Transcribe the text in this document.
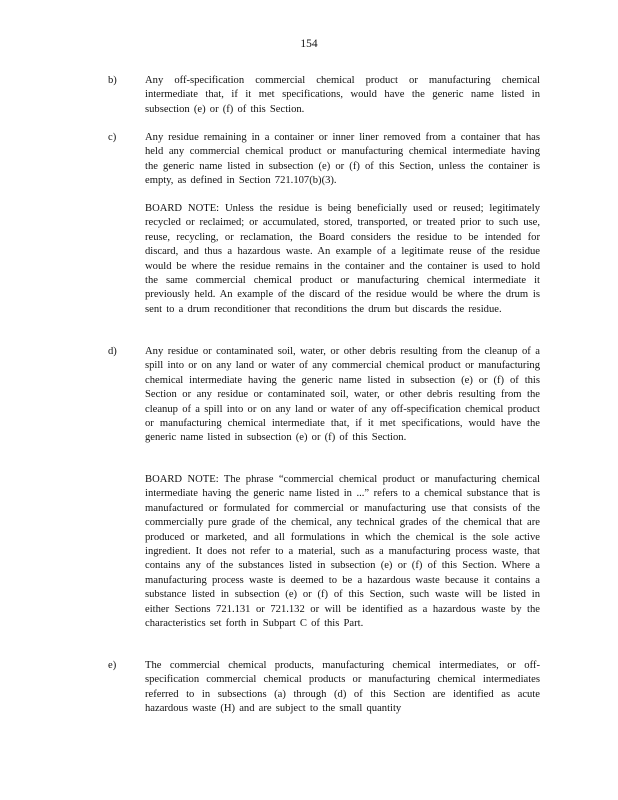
154
b)	Any off-specification commercial chemical product or manufacturing chemical intermediate that, if it met specifications, would have the generic name listed in subsection (e) or (f) of this Section.
c)	Any residue remaining in a container or inner liner removed from a container that has held any commercial chemical product or manufacturing chemical intermediate having the generic name listed in subsection (e) or (f) of this Section, unless the container is empty, as defined in Section 721.107(b)(3).
BOARD NOTE: Unless the residue is being beneficially used or reused; legitimately recycled or reclaimed; or accumulated, stored, transported, or treated prior to such use, reuse, recycling, or reclamation, the Board considers the residue to be intended for discard, and thus a hazardous waste. An example of a legitimate reuse of the residue would be where the residue remains in the container and the container is used to hold the same commercial chemical product or manufacturing chemical intermediate it previously held. An example of the discard of the residue would be where the drum is sent to a drum reconditioner that reconditions the drum but discards the residue.
d)	Any residue or contaminated soil, water, or other debris resulting from the cleanup of a spill into or on any land or water of any commercial chemical product or manufacturing chemical intermediate having the generic name listed in subsection (e) or (f) of this Section or any residue or contaminated soil, water, or other debris resulting from the cleanup of a spill into or on any land or water of any off-specification chemical product or manufacturing chemical intermediate that, if it met specifications, would have the generic name listed in subsection (e) or (f) of this Section.
BOARD NOTE: The phrase “commercial chemical product or manufacturing chemical intermediate having the generic name listed in ...” refers to a chemical substance that is manufactured or formulated for commercial or manufacturing use that consists of the commercially pure grade of the chemical, any technical grades of the chemical that are produced or marketed, and all formulations in which the chemical is the sole active ingredient. It does not refer to a material, such as a manufacturing process waste, that contains any of the substances listed in subsection (e) or (f) of this Section. Where a manufacturing process waste is deemed to be a hazardous waste because it contains a substance listed in subsection (e) or (f) of this Section, such waste will be listed in either Sections 721.131 or 721.132 or will be identified as a hazardous waste by the characteristics set forth in Subpart C of this Part.
e)	The commercial chemical products, manufacturing chemical intermediates, or off-specification commercial chemical products or manufacturing chemical intermediates referred to in subsections (a) through (d) of this Section are identified as acute hazardous waste (H) and are subject to the small quantity
